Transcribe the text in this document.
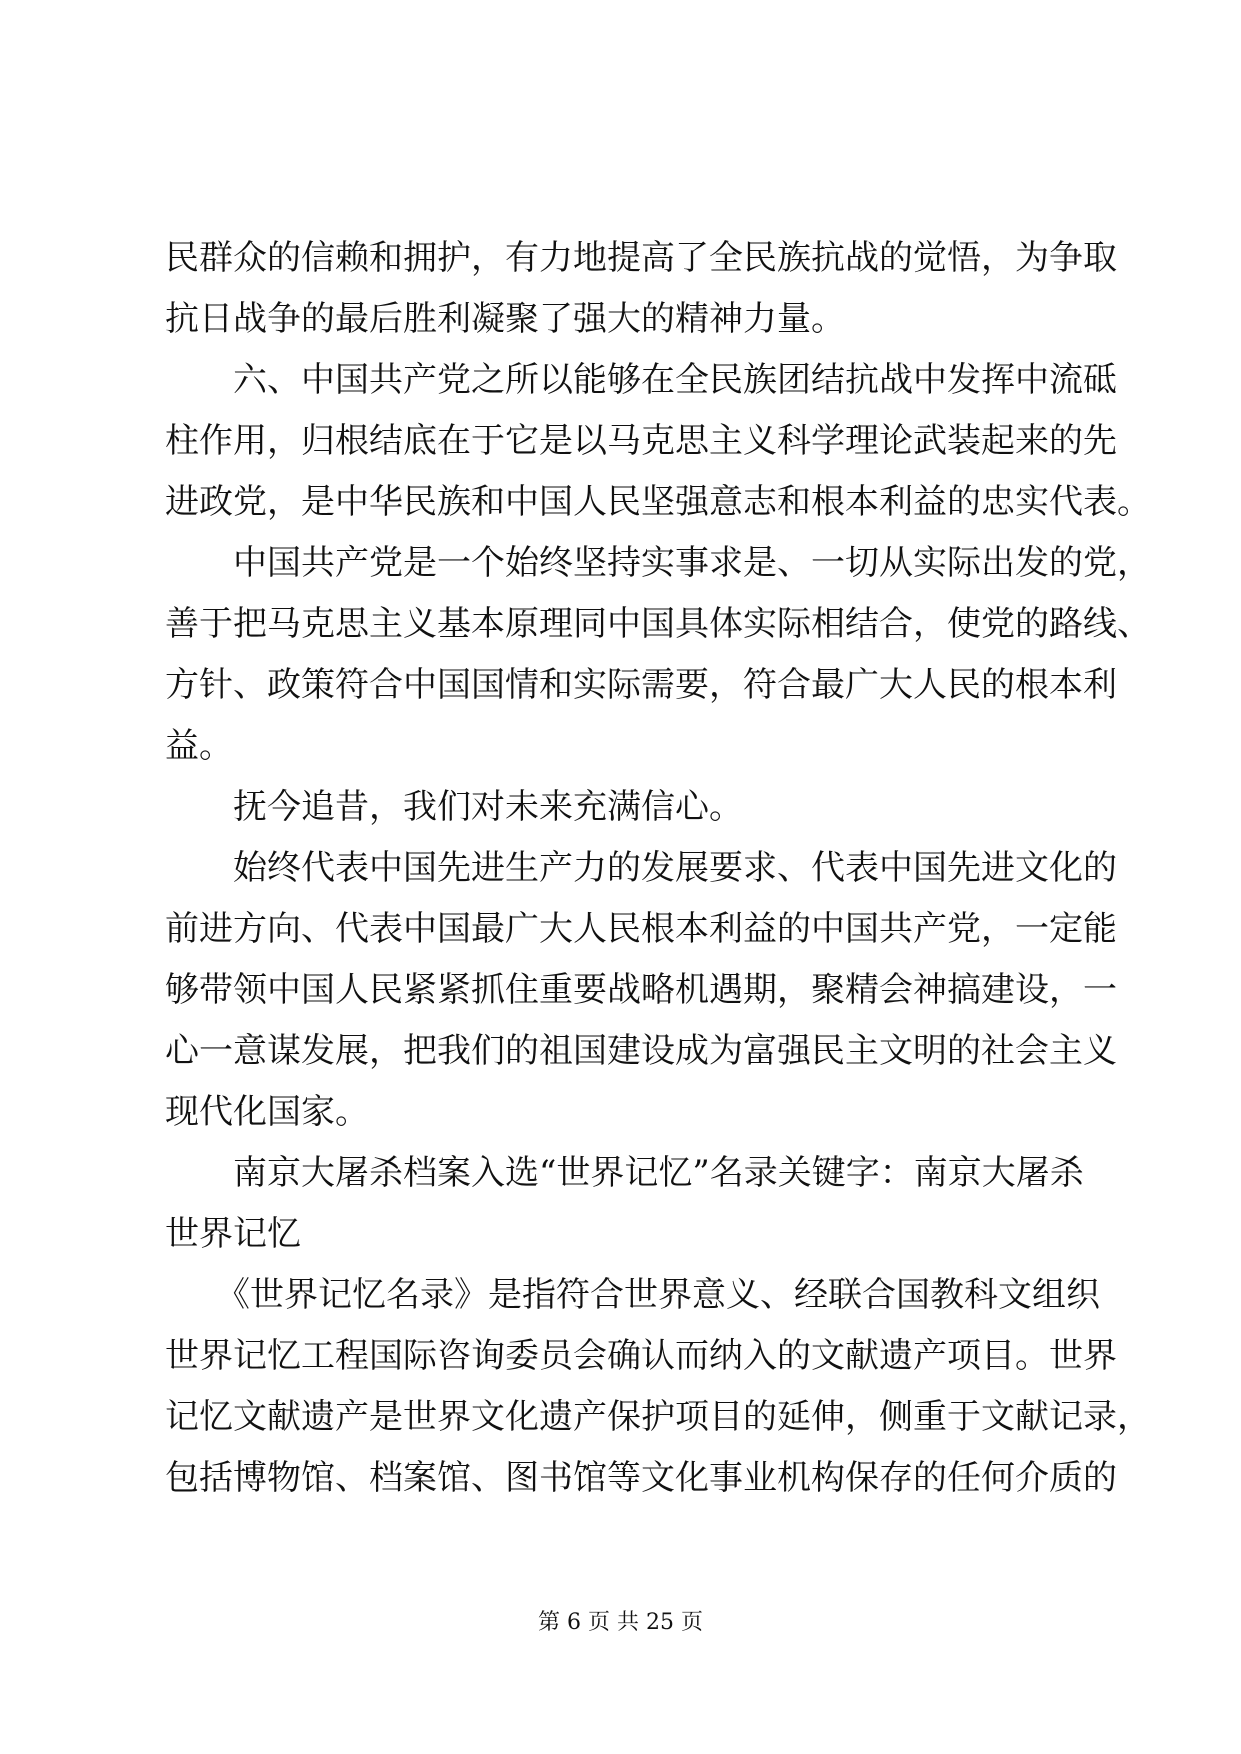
民群众的信赖和拥护，有力地提高了全民族抗战的觉悟，为争取
抗日战争的最后胜利凝聚了强大的精神力量。
　　六、中国共产党之所以能够在全民族团结抗战中发挥中流砥
柱作用，归根结底在于它是以马克思主义科学理论武装起来的先
进政党，是中华民族和中国人民坚强意志和根本利益的忠实代表。
　　中国共产党是一个始终坚持实事求是、一切从实际出发的党，
善于把马克思主义基本原理同中国具体实际相结合，使党的路线、
方针、政策符合中国国情和实际需要，符合最广大人民的根本利
益。
　　抚今追昔，我们对未来充满信心。
　　始终代表中国先进生产力的发展要求、代表中国先进文化的
前进方向、代表中国最广大人民根本利益的中国共产党，一定能
够带领中国人民紧紧抓住重要战略机遇期，聚精会神搞建设，一
心一意谋发展，把我们的祖国建设成为富强民主文明的社会主义
现代化国家。
　　南京大屠杀档案入选“世界记忆”名录关键字：南京大屠杀
世界记忆
　　《世界记忆名录》是指符合世界意义、经联合国教科文组织
世界记忆工程国际咨询委员会确认而纳入的文献遗产项目。世界
记忆文献遗产是世界文化遗产保护项目的延伸，侧重于文献记录，
包括博物馆、档案馆、图书馆等文化事业机构保存的任何介质的
第 6 页 共 25 页
